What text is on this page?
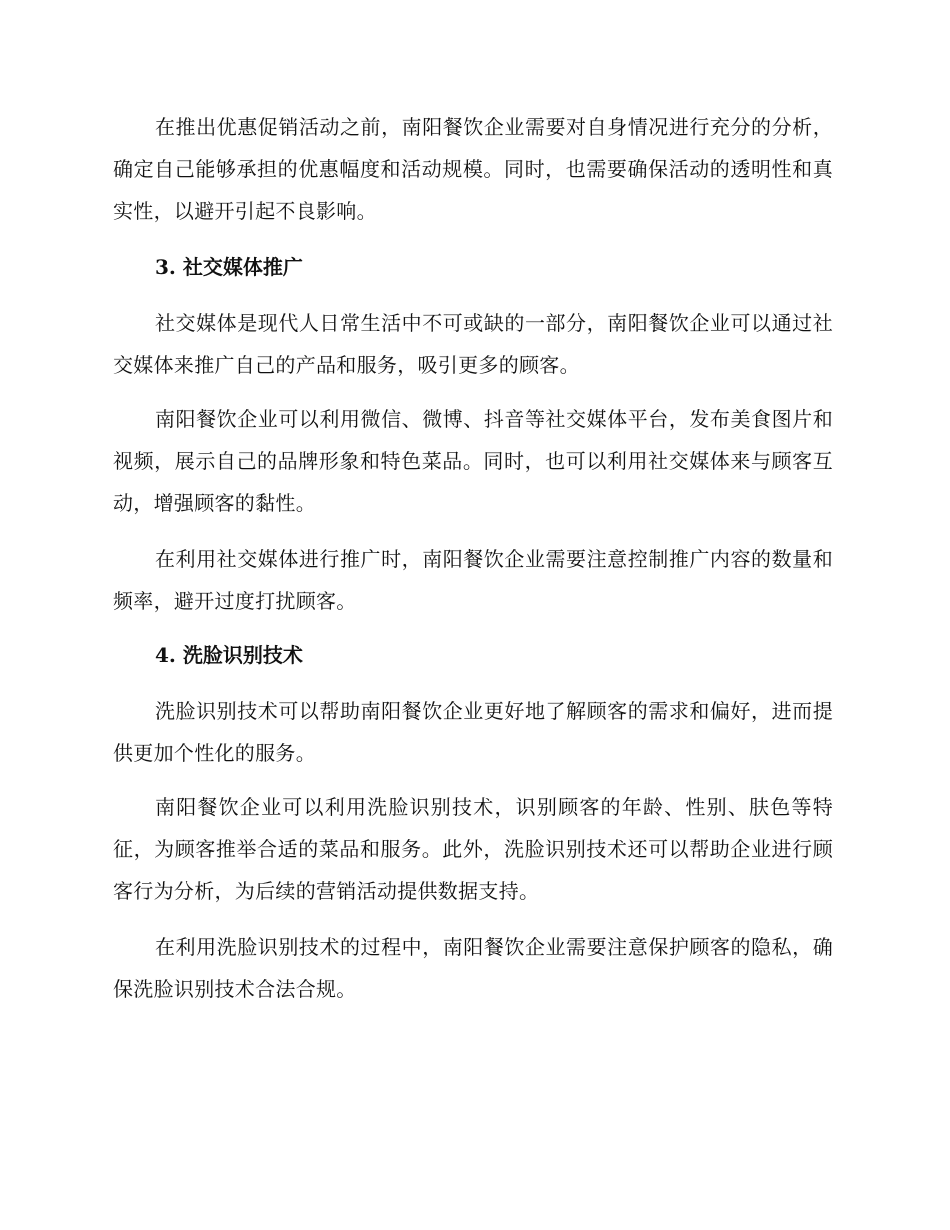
在推出优惠促销活动之前，南阳餐饮企业需要对自身情况进行充分的分析，确定自己能够承担的优惠幅度和活动规模。同时，也需要确保活动的透明性和真实性，以避开引起不良影响。

3. 社交媒体推广

社交媒体是现代人日常生活中不可或缺的一部分，南阳餐饮企业可以通过社交媒体来推广自己的产品和服务，吸引更多的顾客。

南阳餐饮企业可以利用微信、微博、抖音等社交媒体平台，发布美食图片和视频，展示自己的品牌形象和特色菜品。同时，也可以利用社交媒体来与顾客互动，增强顾客的黏性。

在利用社交媒体进行推广时，南阳餐饮企业需要注意控制推广内容的数量和频率，避开过度打扰顾客。

4. 洗脸识别技术

洗脸识别技术可以帮助南阳餐饮企业更好地了解顾客的需求和偏好，进而提供更加个性化的服务。

南阳餐饮企业可以利用洗脸识别技术，识别顾客的年龄、性别、肤色等特征，为顾客推举合适的菜品和服务。此外，洗脸识别技术还可以帮助企业进行顾客行为分析，为后续的营销活动提供数据支持。

在利用洗脸识别技术的过程中，南阳餐饮企业需要注意保护顾客的隐私，确保洗脸识别技术合法合规。
